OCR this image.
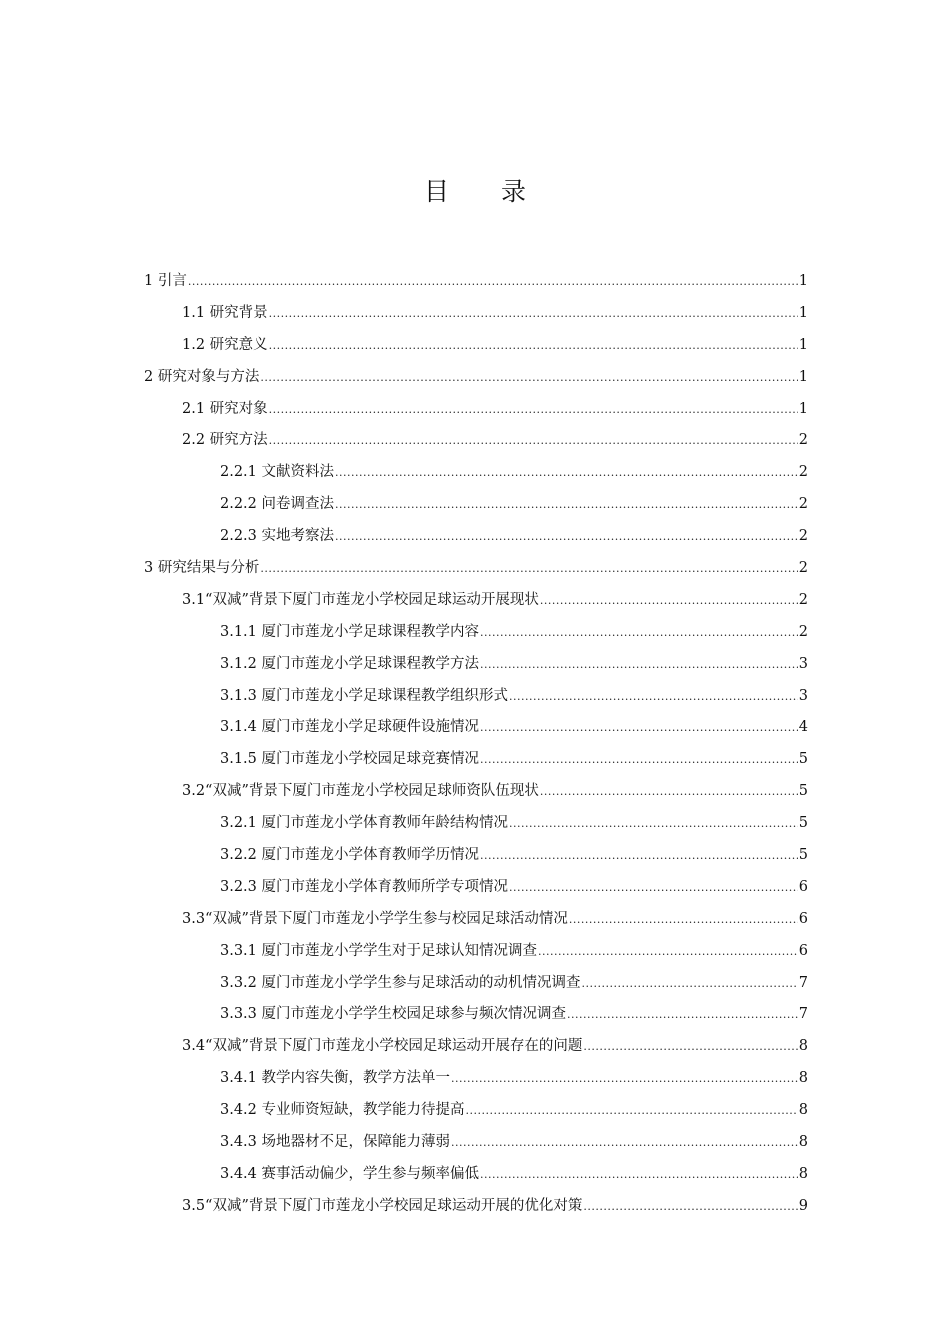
目 录
1 引言 .....	1
1.1 研究背景 .....	1
1.2 研究意义 .....	1
2 研究对象与方法 .....	1
2.1 研究对象 .....	1
2.2 研究方法 .....	2
2.2.1 文献资料法 .....	2
2.2.2 问卷调查法 .....	2
2.2.3 实地考察法 .....	2
3 研究结果与分析 .....	2
3.1“双减”背景下厦门市莲龙小学校园足球运动开展现状 .....	2
3.1.1 厦门市莲龙小学足球课程教学内容 .....	2
3.1.2 厦门市莲龙小学足球课程教学方法 .....	3
3.1.3 厦门市莲龙小学足球课程教学组织形式 .....	3
3.1.4 厦门市莲龙小学足球硬件设施情况 .....	4
3.1.5 厦门市莲龙小学校园足球竞赛情况 .....	5
3.2“双减”背景下厦门市莲龙小学校园足球师资队伍现状 .....	5
3.2.1 厦门市莲龙小学体育教师年龄结构情况 .....	5
3.2.2 厦门市莲龙小学体育教师学历情况 .....	5
3.2.3 厦门市莲龙小学体育教师所学专项情况 .....	6
3.3“双减”背景下厦门市莲龙小学学生参与校园足球活动情况 .....	6
3.3.1 厦门市莲龙小学学生对于足球认知情况调查 .....	6
3.3.2 厦门市莲龙小学学生参与足球活动的动机情况调查 .....	7
3.3.3 厦门市莲龙小学学生校园足球参与频次情况调查 .....	7
3.4“双减”背景下厦门市莲龙小学校园足球运动开展存在的问题 .....	8
3.4.1 教学内容失衡，教学方法单一 .....	8
3.4.2 专业师资短缺，教学能力待提高 .....	8
3.4.3 场地器材不足，保障能力薄弱 .....	8
3.4.4 赛事活动偏少，学生参与频率偏低 .....	8
3.5“双减”背景下厦门市莲龙小学校园足球运动开展的优化对策 .....	9
